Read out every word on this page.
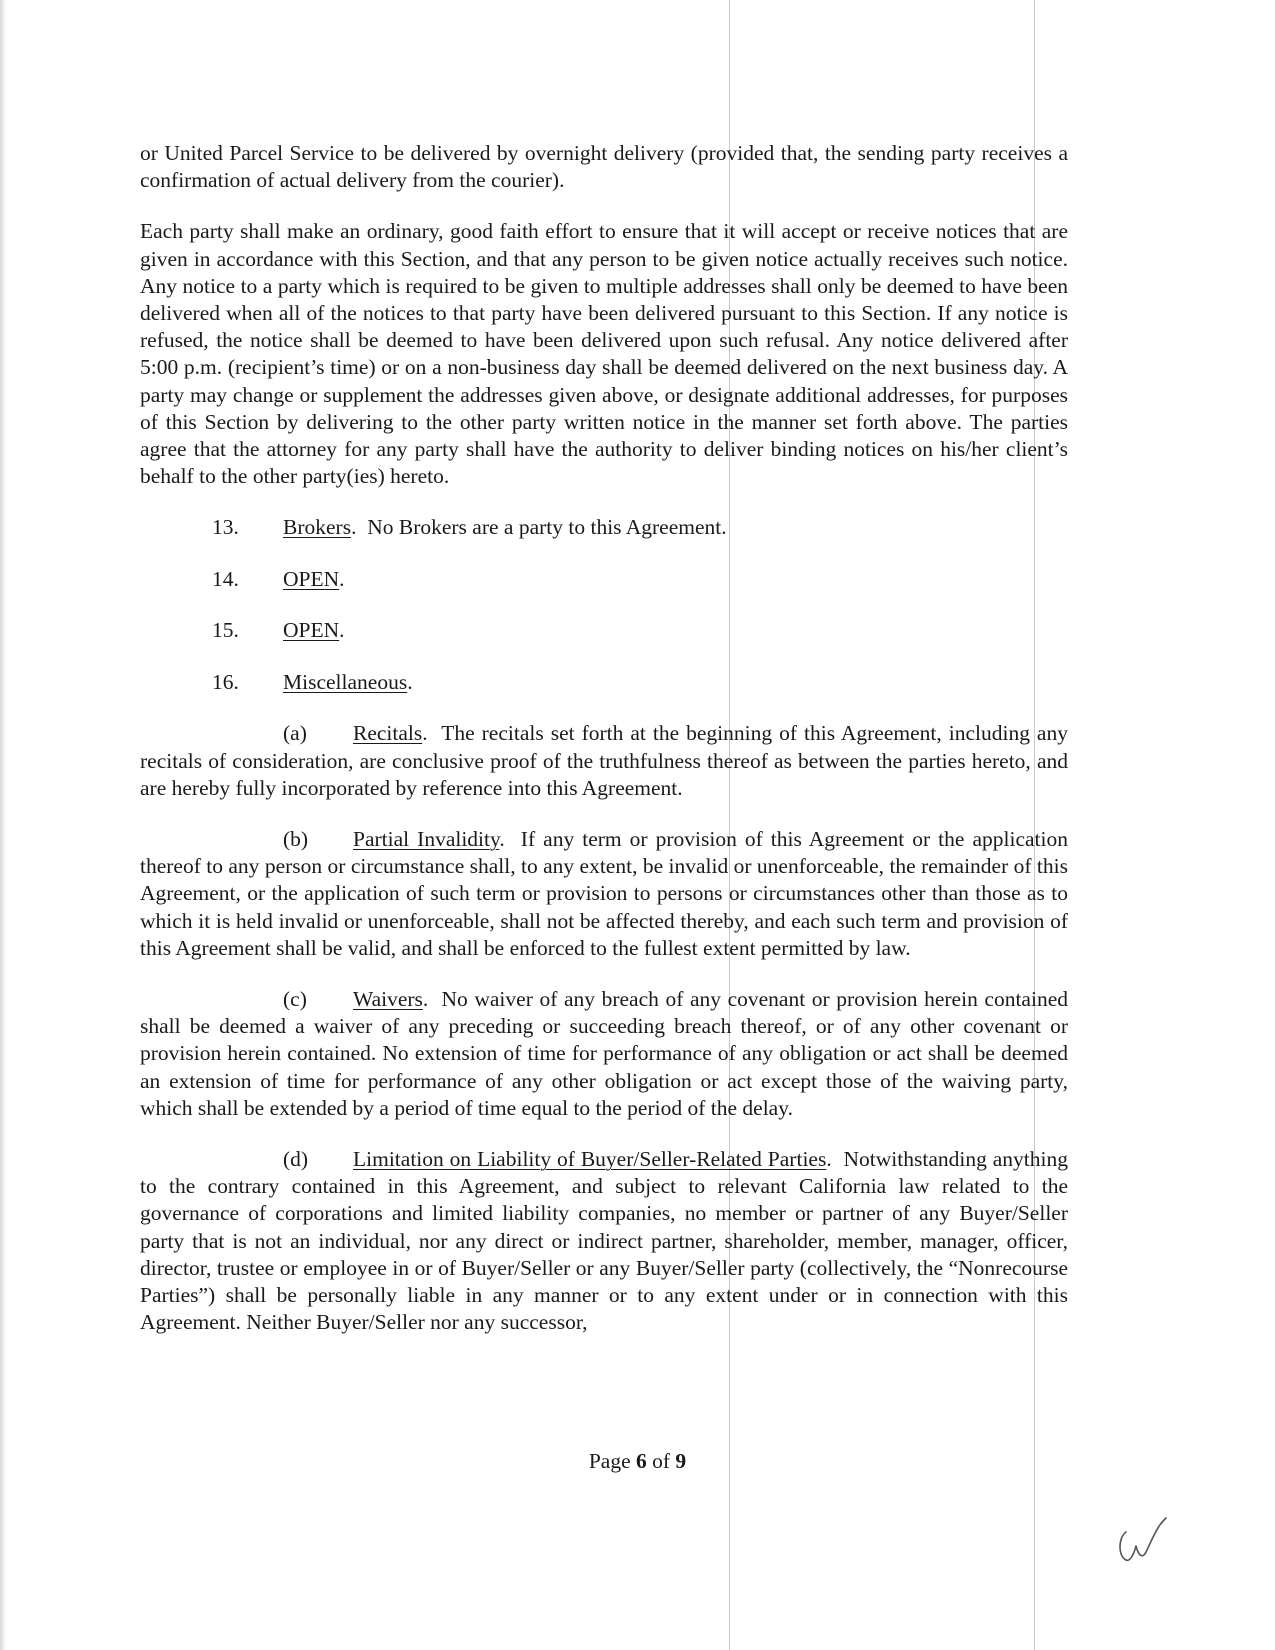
or United Parcel Service to be delivered by overnight delivery (provided that, the sending party receives a confirmation of actual delivery from the courier).

Each party shall make an ordinary, good faith effort to ensure that it will accept or receive notices that are given in accordance with this Section, and that any person to be given notice actually receives such notice. Any notice to a party which is required to be given to multiple addresses shall only be deemed to have been delivered when all of the notices to that party have been delivered pursuant to this Section. If any notice is refused, the notice shall be deemed to have been delivered upon such refusal. Any notice delivered after 5:00 p.m. (recipient’s time) or on a non-business day shall be deemed delivered on the next business day. A party may change or supplement the addresses given above, or designate additional addresses, for purposes of this Section by delivering to the other party written notice in the manner set forth above. The parties agree that the attorney for any party shall have the authority to deliver binding notices on his/her client’s behalf to the other party(ies) hereto.

13. Brokers.  No Brokers are a party to this Agreement.
14. OPEN.
15. OPEN.
16. Miscellaneous.

(a) Recitals.  The recitals set forth at the beginning of this Agreement, including any recitals of consideration, are conclusive proof of the truthfulness thereof as between the parties hereto, and are hereby fully incorporated by reference into this Agreement.

(b) Partial Invalidity.  If any term or provision of this Agreement or the application thereof to any person or circumstance shall, to any extent, be invalid or unenforceable, the remainder of this Agreement, or the application of such term or provision to persons or circumstances other than those as to which it is held invalid or unenforceable, shall not be affected thereby, and each such term and provision of this Agreement shall be valid, and shall be enforced to the fullest extent permitted by law.

(c) Waivers.  No waiver of any breach of any covenant or provision herein contained shall be deemed a waiver of any preceding or succeeding breach thereof, or of any other covenant or provision herein contained. No extension of time for performance of any obligation or act shall be deemed an extension of time for performance of any other obligation or act except those of the waiving party, which shall be extended by a period of time equal to the period of the delay.

(d) Limitation on Liability of Buyer/Seller-Related Parties.  Notwithstanding anything to the contrary contained in this Agreement, and subject to relevant California law related to the governance of corporations and limited liability companies, no member or partner of any Buyer/Seller party that is not an individual, nor any direct or indirect partner, shareholder, member, manager, officer, director, trustee or employee in or of Buyer/Seller or any Buyer/Seller party (collectively, the “Nonrecourse Parties”) shall be personally liable in any manner or to any extent under or in connection with this Agreement. Neither Buyer/Seller nor any successor,

Page 6 of 9
